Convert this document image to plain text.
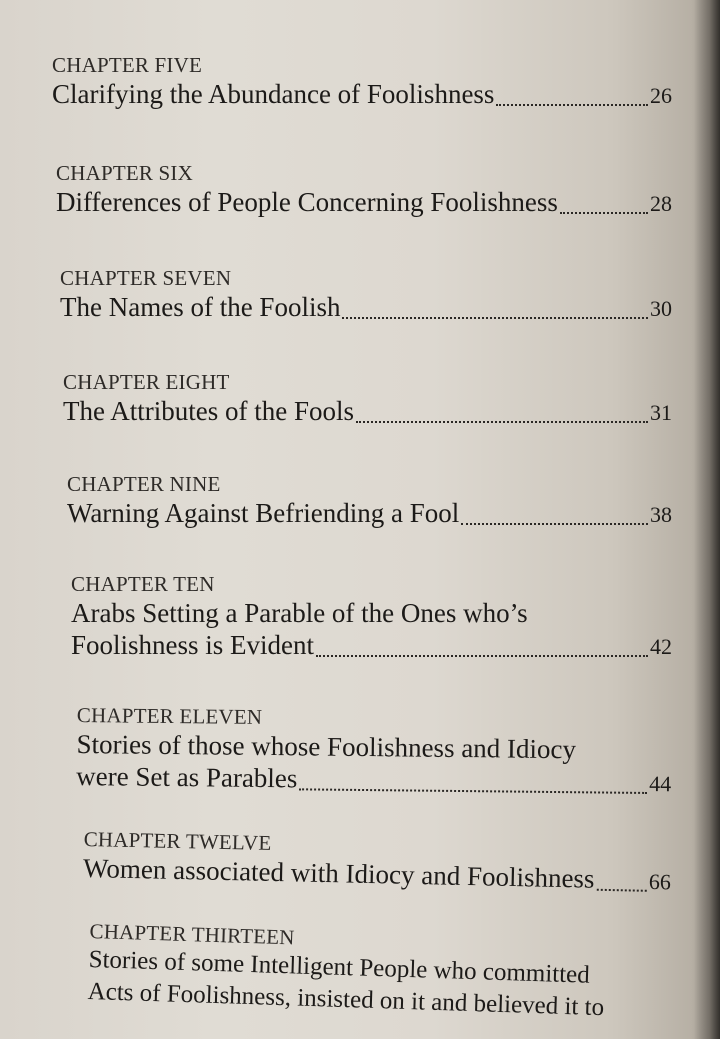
CHAPTER FIVE
Clarifying the Abundance of Foolishness	26
CHAPTER SIX
Differences of People Concerning Foolishness	28
CHAPTER SEVEN
The Names of the Foolish	30
CHAPTER EIGHT
The Attributes of the Fools	31
CHAPTER NINE
Warning Against Befriending a Fool	38
CHAPTER TEN
Arabs Setting a Parable of the Ones who’s
Foolishness is Evident	42
CHAPTER ELEVEN
Stories of those whose Foolishness and Idiocy
were Set as Parables	44
CHAPTER TWELVE
Women associated with Idiocy and Foolishness 66
CHAPTER THIRTEEN
Stories of some Intelligent People who committed
Acts of Foolishness, insisted on it and believed it to
